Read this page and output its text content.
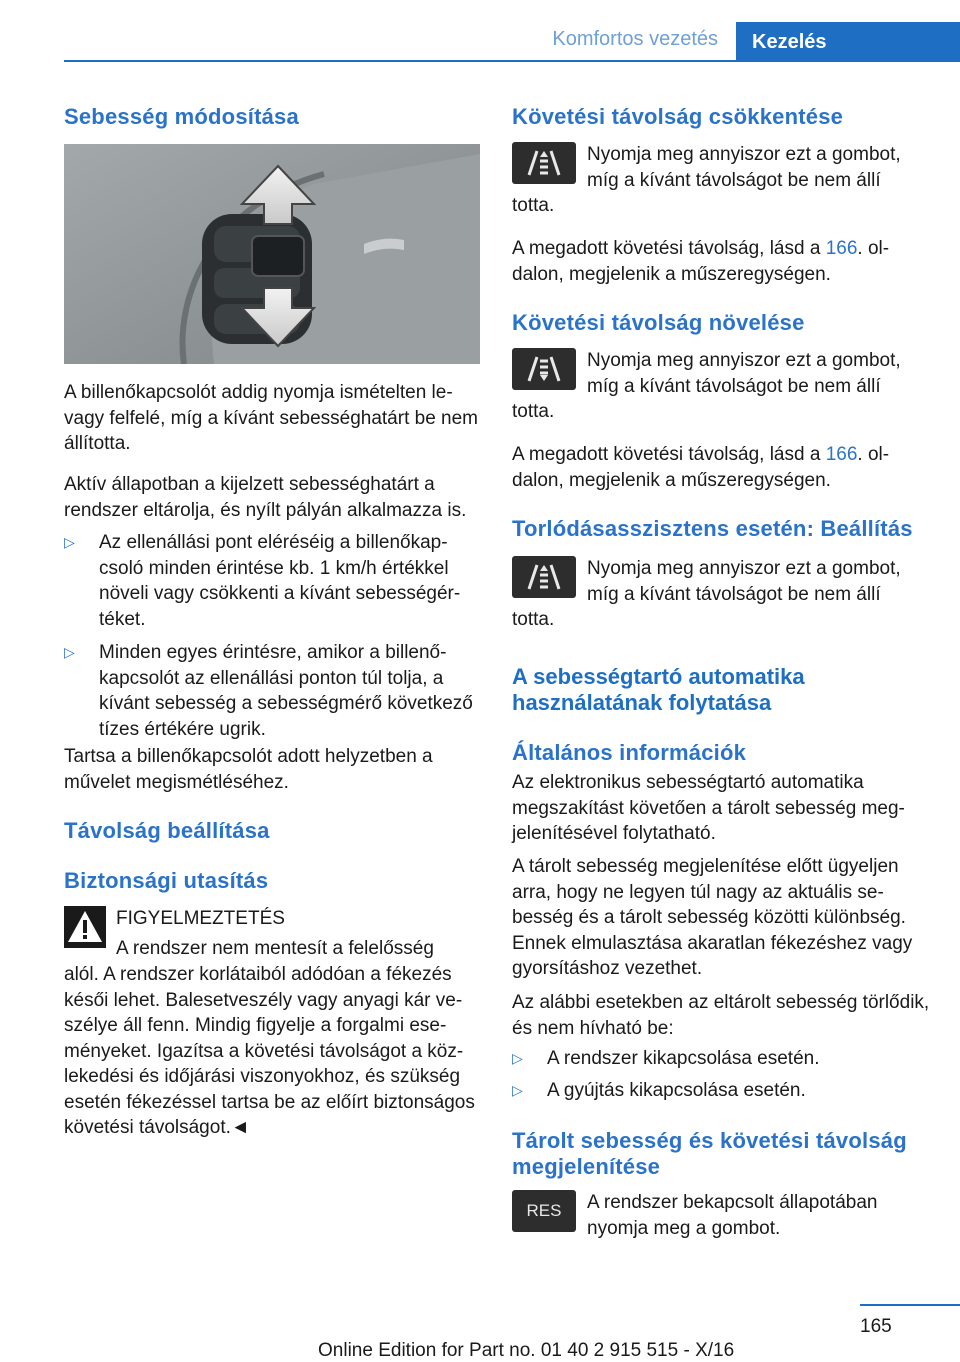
Komfortos vezetés	Kezelés
Sebesség módosítása
A billenőkapcsolót addig nyomja ismételten le- vagy felfelé, míg a kívánt sebességhatárt be nem állította.
Aktív állapotban a kijelzett sebességhatárt a rendszer eltárolja, és nyílt pályán alkalmazza is.
▷ Az ellenállási pont eléréséig a billenőkapcsoló minden érintése kb. 1 km/h értékkel növeli vagy csökkenti a kívánt sebességértéket.
▷ Minden egyes érintésre, amikor a billenőkapcsolót az ellenállási ponton túl tolja, a kívánt sebesség a sebességmérő következő tízes értékére ugrik.
Tartsa a billenőkapcsolót adott helyzetben a művelet megismétléséhez.
Távolság beállítása
Biztonsági utasítás
FIGYELMEZTETÉS
A rendszer nem mentesít a felelősség
alól. A rendszer korlátaiból adódóan a fékezés késői lehet. Balesetveszély vagy anyagi kár veszélye áll fenn. Mindig figyelje a forgalmi eseményeket. Igazítsa a követési távolságot a közlekedési és időjárási viszonyokhoz, és szükség esetén fékezéssel tartsa be az előírt biztonságos követési távolságot.◄
Követési távolság csökkentése
Nyomja meg annyiszor ezt a gombot, míg a kívánt távolságot be nem állí
totta.
A megadott követési távolság, lásd a 166. oldalon, megjelenik a műszeregységen.
Követési távolság növelése
Nyomja meg annyiszor ezt a gombot, míg a kívánt távolságot be nem állí
totta.
A megadott követési távolság, lásd a 166. oldalon, megjelenik a műszeregységen.
Torlódásasszisztens esetén: Beállítás
Nyomja meg annyiszor ezt a gombot, míg a kívánt távolságot be nem állí
totta.
A sebességtartó automatika használatának folytatása
Általános információk
Az elektronikus sebességtartó automatika megszakítást követően a tárolt sebesség megjelenítésével folytatható.
A tárolt sebesség megjelenítése előtt ügyeljen arra, hogy ne legyen túl nagy az aktuális sebesség és a tárolt sebesség közötti különbség. Ennek elmulasztása akaratlan fékezéshez vagy gyorsításhoz vezethet.
Az alábbi esetekben az eltárolt sebesség törlődik, és nem hívható be:
▷ A rendszer kikapcsolása esetén.
▷ A gyújtás kikapcsolása esetén.
Tárolt sebesség és követési távolság megjelenítése
RES	A rendszer bekapcsolt állapotában nyomja meg a gombot.
165
Online Edition for Part no. 01 40 2 915 515 - X/16
